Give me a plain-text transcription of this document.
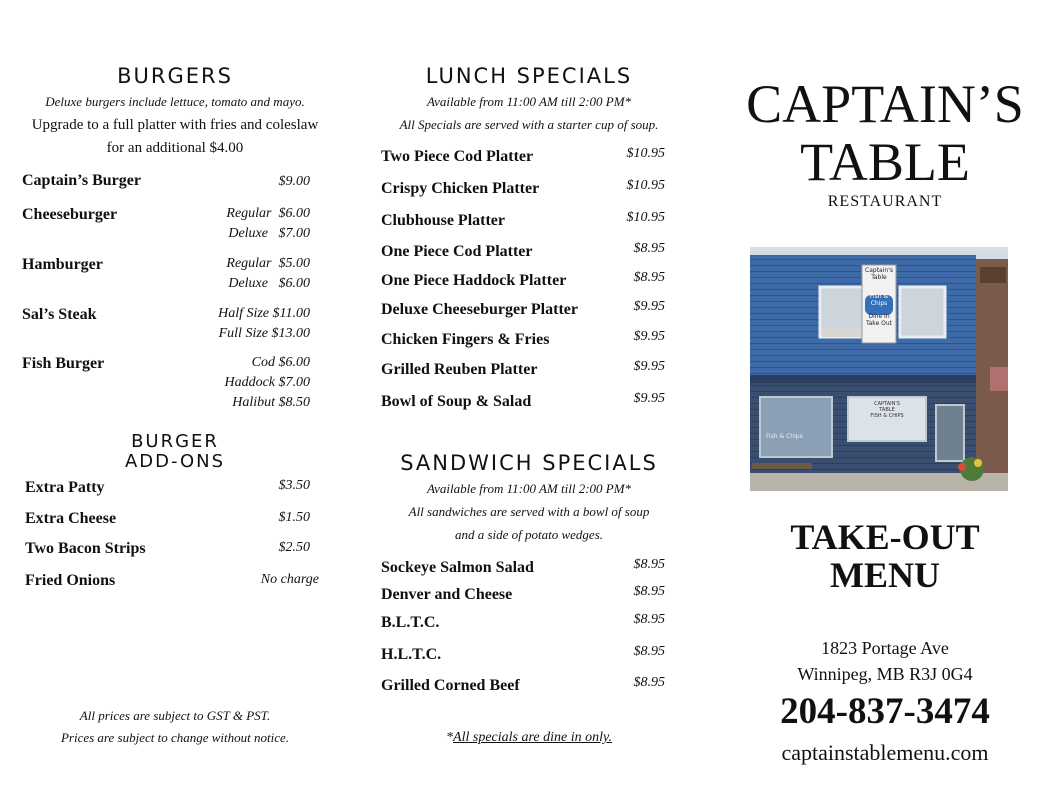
BURGERS
Deluxe burgers include lettuce, tomato and mayo.
Upgrade to a full platter with fries and coleslaw
for an additional $4.00
Captain’s Burger	$9.00
Cheeseburger	Regular $6.00
Deluxe $7.00
Hamburger	Regular $5.00
Deluxe $6.00
Sal’s Steak	Half Size $11.00
Full Size $13.00
Fish Burger	Cod $6.00
Haddock $7.00
Halibut $8.50
BURGER
ADD-ONS
Extra Patty	$3.50
Extra Cheese	$1.50
Two Bacon Strips	$2.50
Fried Onions	No charge
All prices are subject to GST & PST.
Prices are subject to change without notice.
LUNCH SPECIALS
Available from 11:00 AM till 2:00 PM*
All Specials are served with a starter cup of soup.
Two Piece Cod Platter	$10.95
Crispy Chicken Platter	$10.95
Clubhouse Platter	$10.95
One Piece Cod Platter	$8.95
One Piece Haddock Platter	$8.95
Deluxe Cheeseburger Platter	$9.95
Chicken Fingers & Fries	$9.95
Grilled Reuben Platter	$9.95
Bowl of Soup & Salad	$9.95
SANDWICH SPECIALS
Available from 11:00 AM till 2:00 PM*
All sandwiches are served with a bowl of soup
and a side of potato wedges.
Sockeye Salmon Salad	$8.95
Denver and Cheese	$8.95
B.L.T.C.	$8.95
H.L.T.C.	$8.95
Grilled Corned Beef	$8.95
*All specials are dine in only.
CAPTAIN’S
TABLE
RESTAURANT
Captain's
Table
Fish &
Chips
Dine In
Take Out
CAPTAIN'S
TABLE
FISH & CHIPS
Fish & Chips
TAKE-OUT
MENU
1823 Portage Ave
Winnipeg, MB R3J 0G4
204-837-3474
captainstablemenu.com
